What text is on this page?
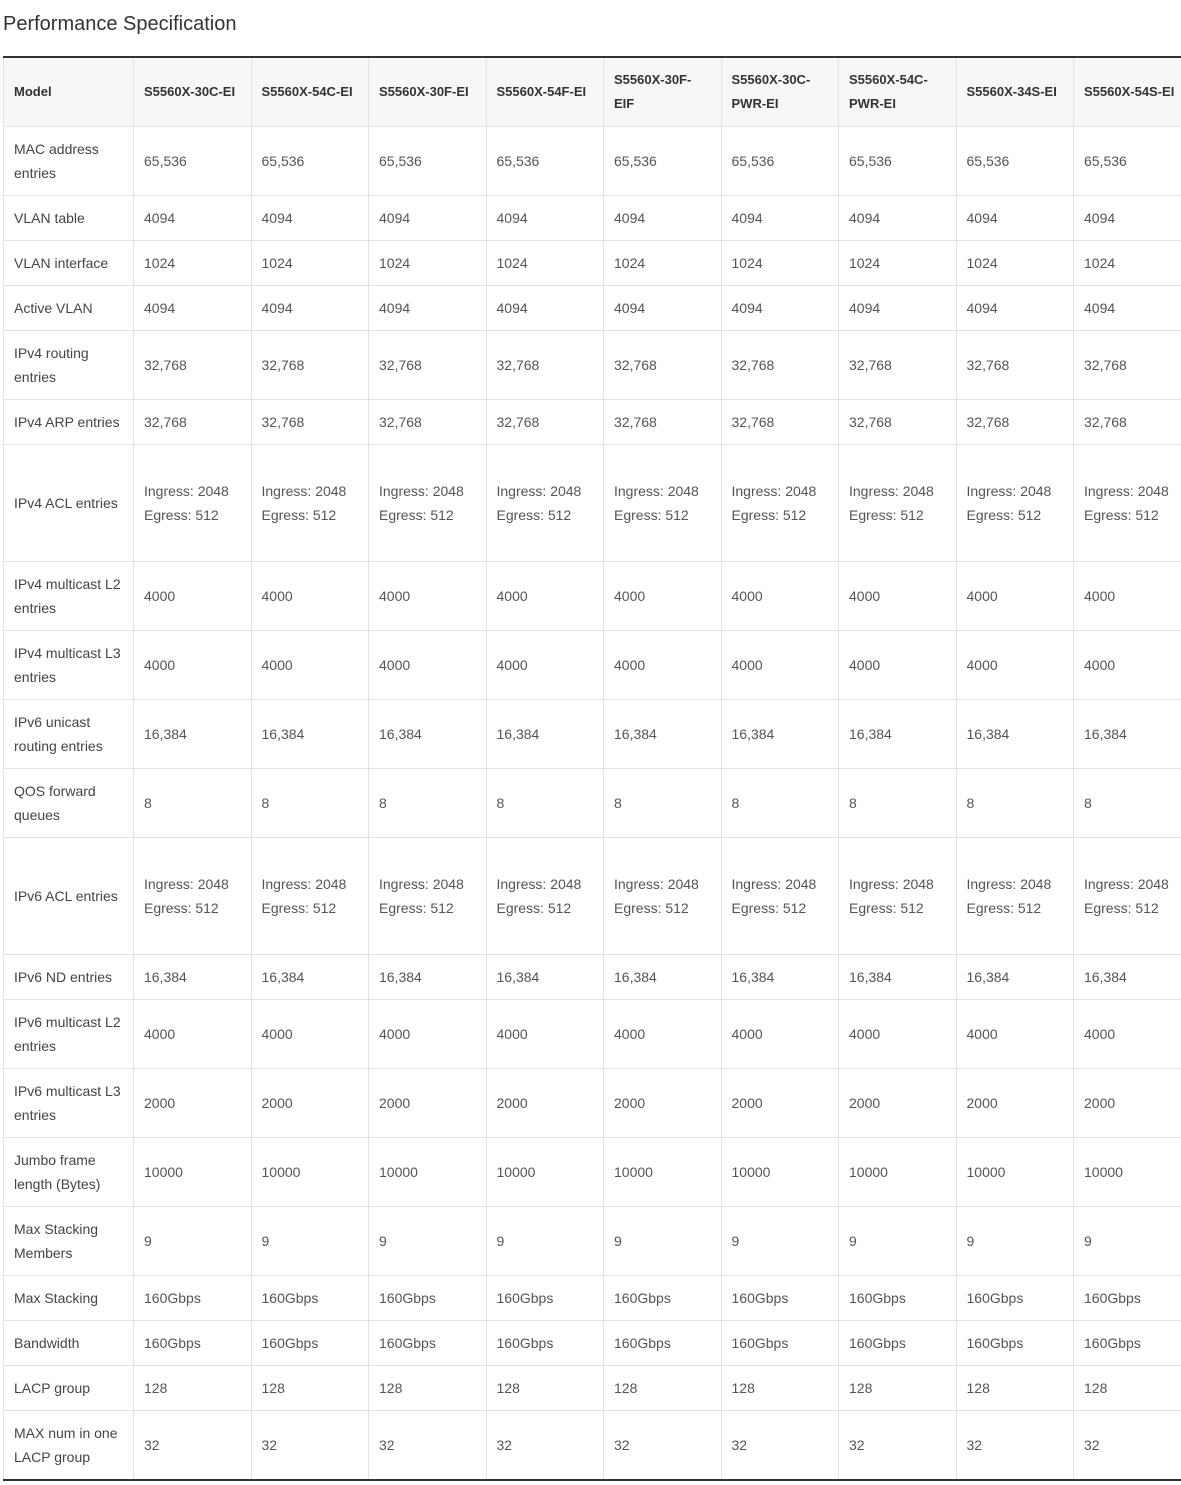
Performance Specification
Model	S5560X-30C-EI	S5560X-54C-EI	S5560X-30F-EI	S5560X-54F-EI	S5560X-30F-EIF	S5560X-30C-PWR-EI	S5560X-54C-PWR-EI	S5560X-34S-EI	S5560X-54S-EI
MAC address entries	65,536	65,536	65,536	65,536	65,536	65,536	65,536	65,536	65,536
VLAN table	4094	4094	4094	4094	4094	4094	4094	4094	4094
VLAN interface	1024	1024	1024	1024	1024	1024	1024	1024	1024
Active VLAN	4094	4094	4094	4094	4094	4094	4094	4094	4094
IPv4 routing entries	32,768	32,768	32,768	32,768	32,768	32,768	32,768	32,768	32,768
IPv4 ARP entries	32,768	32,768	32,768	32,768	32,768	32,768	32,768	32,768	32,768
IPv4 ACL entries	Ingress: 2048 Egress: 512	Ingress: 2048 Egress: 512	Ingress: 2048 Egress: 512	Ingress: 2048 Egress: 512	Ingress: 2048 Egress: 512	Ingress: 2048 Egress: 512	Ingress: 2048 Egress: 512	Ingress: 2048 Egress: 512	Ingress: 2048 Egress: 512
IPv4 multicast L2 entries	4000	4000	4000	4000	4000	4000	4000	4000	4000
IPv4 multicast L3 entries	4000	4000	4000	4000	4000	4000	4000	4000	4000
IPv6 unicast routing entries	16,384	16,384	16,384	16,384	16,384	16,384	16,384	16,384	16,384
QOS forward queues	8	8	8	8	8	8	8	8	8
IPv6 ACL entries	Ingress: 2048 Egress: 512	Ingress: 2048 Egress: 512	Ingress: 2048 Egress: 512	Ingress: 2048 Egress: 512	Ingress: 2048 Egress: 512	Ingress: 2048 Egress: 512	Ingress: 2048 Egress: 512	Ingress: 2048 Egress: 512	Ingress: 2048 Egress: 512
IPv6 ND entries	16,384	16,384	16,384	16,384	16,384	16,384	16,384	16,384	16,384
IPv6 multicast L2 entries	4000	4000	4000	4000	4000	4000	4000	4000	4000
IPv6 multicast L3 entries	2000	2000	2000	2000	2000	2000	2000	2000	2000
Jumbo frame length (Bytes)	10000	10000	10000	10000	10000	10000	10000	10000	10000
Max Stacking Members	9	9	9	9	9	9	9	9	9
Max Stacking	160Gbps	160Gbps	160Gbps	160Gbps	160Gbps	160Gbps	160Gbps	160Gbps	160Gbps
Bandwidth	160Gbps	160Gbps	160Gbps	160Gbps	160Gbps	160Gbps	160Gbps	160Gbps	160Gbps
LACP group	128	128	128	128	128	128	128	128	128
MAX num in one LACP group	32	32	32	32	32	32	32	32	32
